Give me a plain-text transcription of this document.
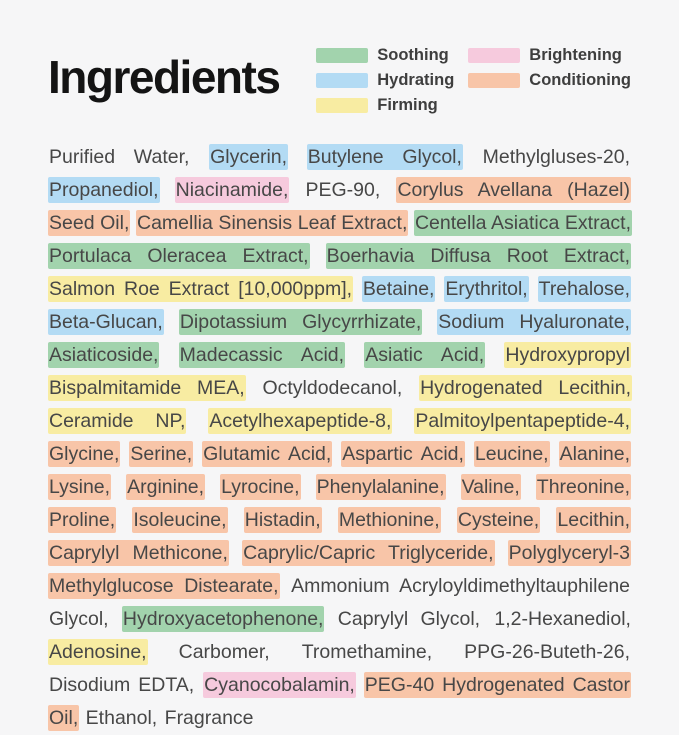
Ingredients	Soothing
Hydrating
Firming
Brightening
Conditioning
Purified Water, Glycerin, Butylene Glycol, Methylgluses-20, Propanediol, Niacinamide, PEG-90, Corylus Avellana (Hazel) Seed Oil, Camellia Sinensis Leaf Extract, Centella Asiatica Extract, Portulaca Oleracea Extract, Boerhavia Diffusa Root Extract, Salmon Roe Extract [10,000ppm], Betaine, Erythritol, Trehalose, Beta-Glucan, Dipotassium Glycyrrhizate, Sodium Hyaluronate, Asiaticoside, Madecassic Acid, Asiatic Acid, Hydroxypropyl Bispalmitamide MEA, Octyldodecanol, Hydrogenated Lecithin, Ceramide NP, Acetylhexapeptide-8, Palmitoylpentapeptide-4, Glycine, Serine, Glutamic Acid, Aspartic Acid, Leucine, Alanine, Lysine, Arginine, Lyrocine, Phenylalanine, Valine, Threonine, Proline, Isoleucine, Histadin, Methionine, Cysteine, Lecithin, Caprylyl Methicone, Caprylic/Capric Triglyceride, Polyglyceryl-3 Methylglucose Distearate, Ammonium Acryloyldimethyltauphilene Glycol, Hydroxyacetophenone, Caprylyl Glycol, 1,2-Hexanediol, Adenosine, Carbomer, Tromethamine, PPG-26-Buteth-26, Disodium EDTA, Cyanocobalamin, PEG-40 Hydrogenated Castor Oil, Ethanol, Fragrance
